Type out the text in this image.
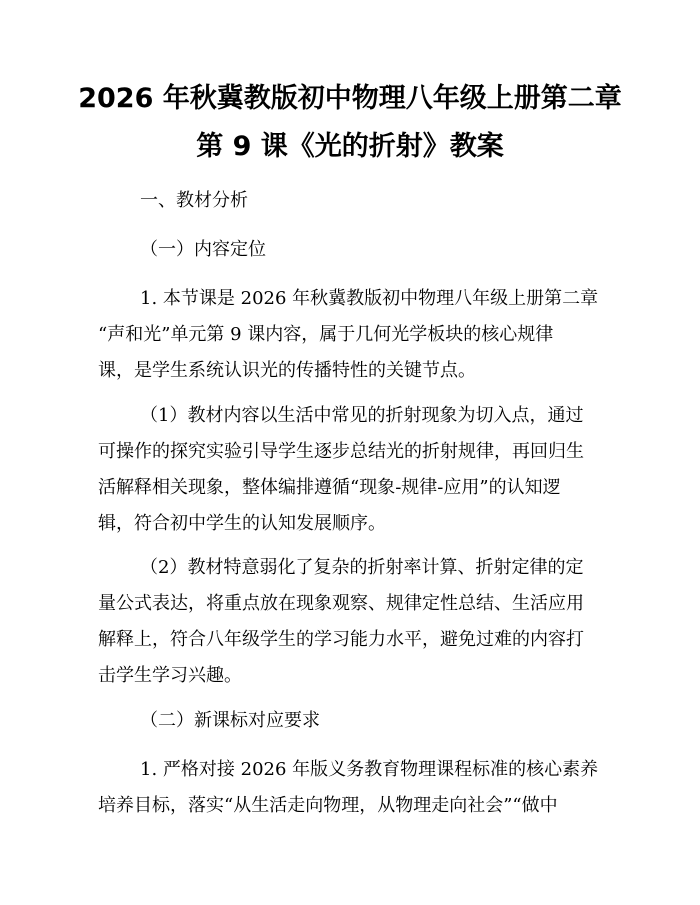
2026 年秋冀教版初中物理八年级上册第二章
第 9 课《光的折射》教案

一、教材分析

（一）内容定位

1. 本节课是 2026 年秋冀教版初中物理八年级上册第二章
“声和光”单元第 9 课内容，属于几何光学板块的核心规律
课，是学生系统认识光的传播特性的关键节点。
（1）教材内容以生活中常见的折射现象为切入点，通过
可操作的探究实验引导学生逐步总结光的折射规律，再回归生
活解释相关现象，整体编排遵循“现象-规律-应用”的认知逻
辑，符合初中学生的认知发展顺序。
（2）教材特意弱化了复杂的折射率计算、折射定律的定
量公式表达，将重点放在现象观察、规律定性总结、生活应用
解释上，符合八年级学生的学习能力水平，避免过难的内容打
击学生学习兴趣。

（二）新课标对应要求

1. 严格对接 2026 年版义务教育物理课程标准的核心素养
培养目标，落实“从生活走向物理，从物理走向社会”“做中
